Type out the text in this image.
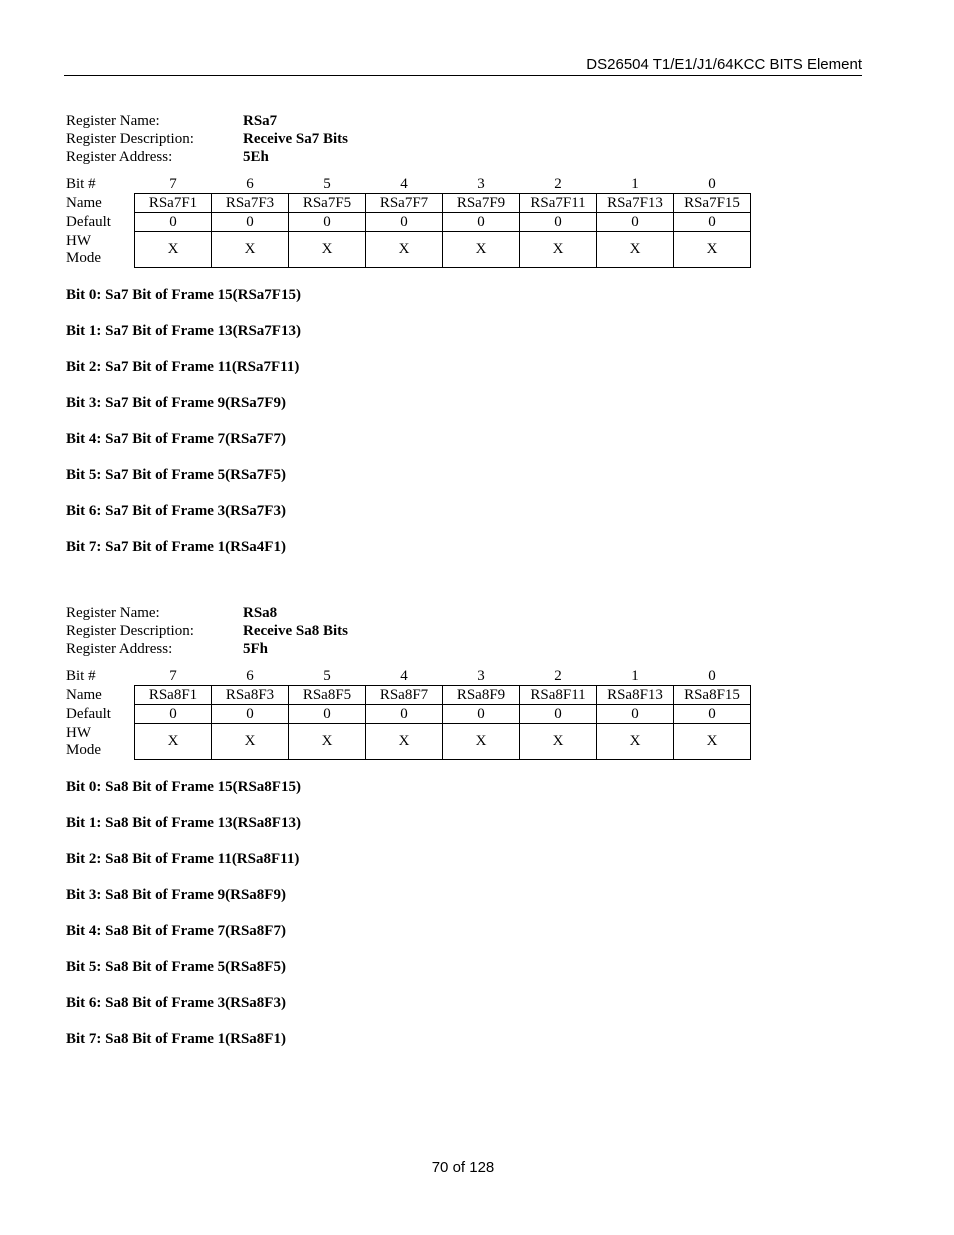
DS26504 T1/E1/J1/64KCC BITS Element
Register Name:	RSa7
Register Description:	Receive Sa7 Bits
Register Address:	5Eh
Bit #	7	6	5	4	3	2	1	0
Name	RSa7F1	RSa7F3	RSa7F5	RSa7F7	RSa7F9	RSa7F11	RSa7F13	RSa7F15
Default	0	0	0	0	0	0	0	0

HW
Mode	X	X	X	X	X	X	X	X
Bit 0: Sa7 Bit of Frame 15(RSa7F15)
Bit 1: Sa7 Bit of Frame 13(RSa7F13)
Bit 2: Sa7 Bit of Frame 11(RSa7F11)
Bit 3: Sa7 Bit of Frame 9(RSa7F9)
Bit 4: Sa7 Bit of Frame 7(RSa7F7)
Bit 5: Sa7 Bit of Frame 5(RSa7F5)
Bit 6: Sa7 Bit of Frame 3(RSa7F3)
Bit 7: Sa7 Bit of Frame 1(RSa4F1)
Register Name:	RSa8
Register Description:	Receive Sa8 Bits
Register Address:	5Fh
Bit #	7	6	5	4	3	2	1	0
Name	RSa8F1	RSa8F3	RSa8F5	RSa8F7	RSa8F9	RSa8F11	RSa8F13	RSa8F15
Default	0	0	0	0	0	0	0	0

HW
Mode	X	X	X	X	X	X	X	X
Bit 0: Sa8 Bit of Frame 15(RSa8F15)
Bit 1: Sa8 Bit of Frame 13(RSa8F13)
Bit 2: Sa8 Bit of Frame 11(RSa8F11)
Bit 3: Sa8 Bit of Frame 9(RSa8F9)
Bit 4: Sa8 Bit of Frame 7(RSa8F7)
Bit 5: Sa8 Bit of Frame 5(RSa8F5)
Bit 6: Sa8 Bit of Frame 3(RSa8F3)
Bit 7: Sa8 Bit of Frame 1(RSa8F1)
70 of 128
